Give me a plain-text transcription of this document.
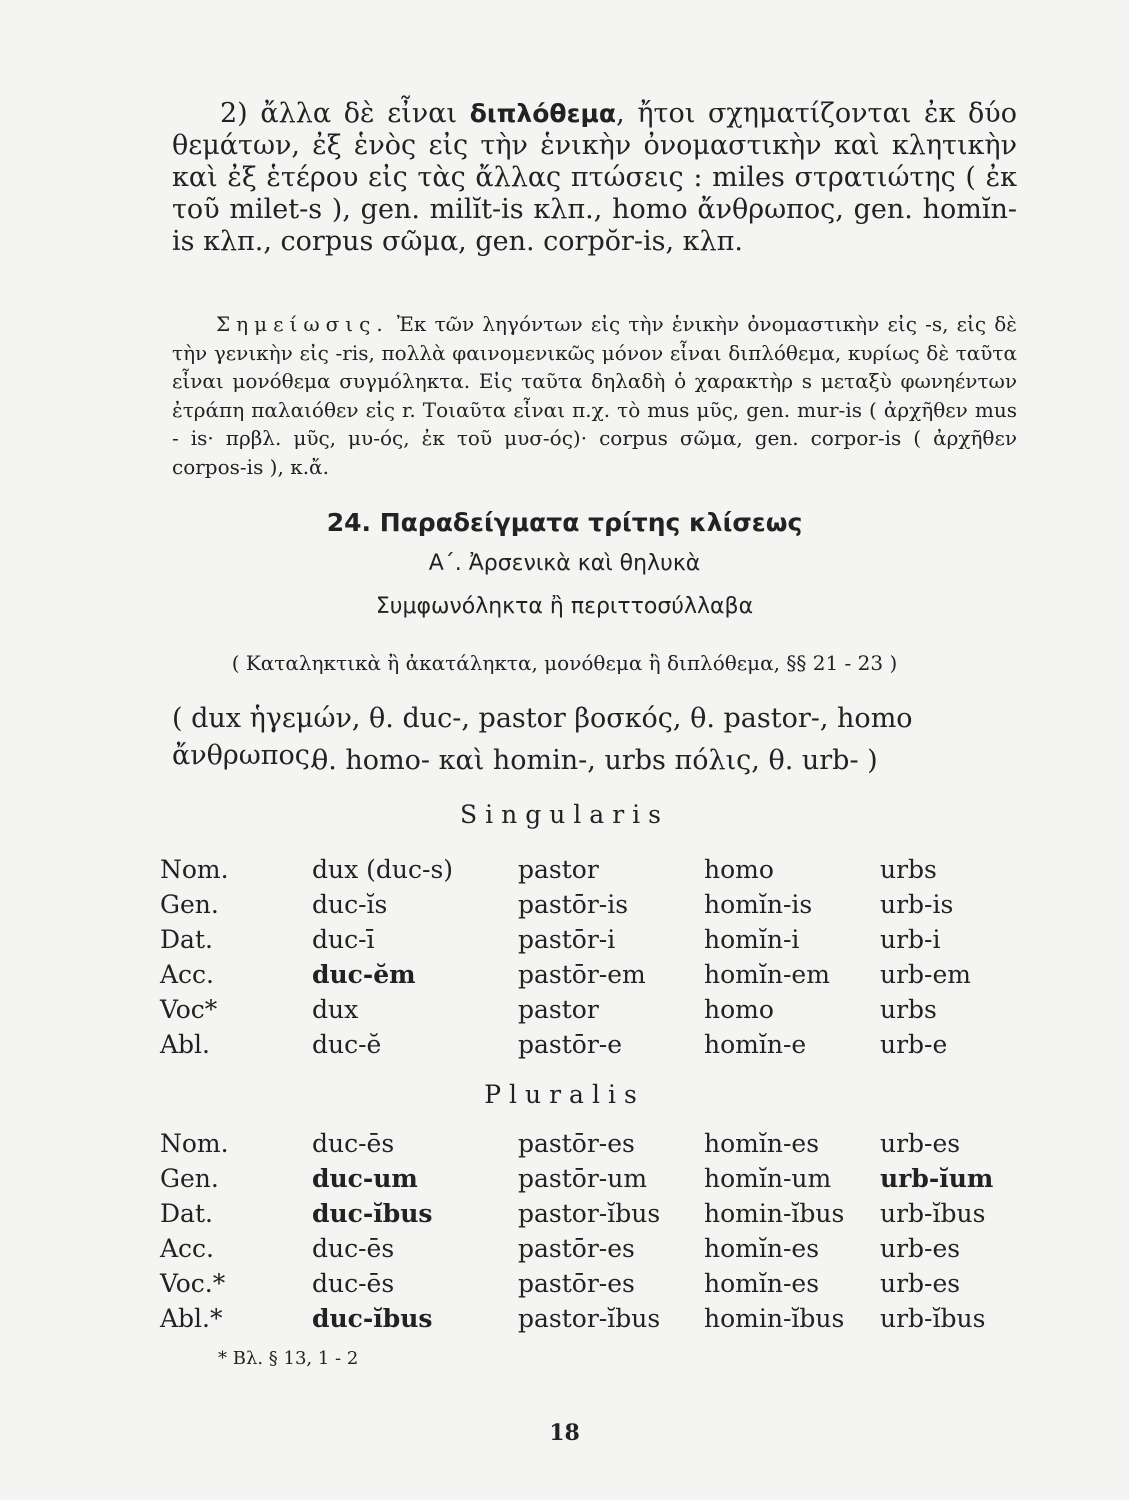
2) ἄλλα δὲ εἶναι διπλόθεμα, ἤτοι σχηματίζονται ἐκ δύο θεμάτων, ἐξ ἑνὸς εἰς τὴν ἑνικὴν ὀνομαστικὴν καὶ κλητικὴν καὶ ἐξ ἑτέρου εἰς τὰς ἄλλας πτώσεις : miles στρατιώτης ( ἐκ τοῦ milet-s ), gen. milĭt-is κλπ., homo ἄνθρωπος, gen. homĭn-is κλπ., corpus σῶμα, gen. corpŏr-is, κλπ.

Σημείωσις. Ἐκ τῶν ληγόντων εἰς τὴν ἑνικὴν ὀνομαστικὴν εἰς -s, εἰς δὲ τὴν γενικὴν εἰς -ris, πολλὰ φαινομενικῶς μόνον εἶναι διπλόθεμα, κυρίως δὲ ταῦτα εἶναι μονόθεμα συγμόληκτα. Εἰς ταῦτα δηλαδὴ ὁ χαρακτὴρ s μεταξὺ φωνηέντων ἐτράπη παλαιόθεν εἰς r. Τοιαῦτα εἶναι π.χ. τὸ mus μῦς, gen. mur-is ( ἀρχῆθεν mus - is· πρβλ. μῦς, μυ-ός, ἐκ τοῦ μυσ-ός)· corpus σῶμα, gen. corpor-is ( ἀρχῆθεν corpos-is ), κ.ἄ.

24. Παραδείγματα τρίτης κλίσεως

Α΄. Ἀρσενικὰ καὶ θηλυκὰ

Συμφωνόληκτα ἢ περιττοσύλλαβα

( Καταληκτικὰ ἢ ἀκατάληκτα, μονόθεμα ἢ διπλόθεμα, §§ 21 - 23 )

( dux ἡγεμών, θ. duc-, pastor βοσκός, θ. pastor-, homo ἄνθρωπος,

θ. homo- καὶ homin-, urbs πόλις, θ. urb- )

Singularis

Nom.	dux (duc-s)	pastor	homo	urbs
Gen.	duc-ĭs	pastōr-is	homĭn-is	urb-is
Dat.	duc-ī	pastōr-i	homĭn-i	urb-i
Acc.	duc-ĕm	pastōr-em	homĭn-em	urb-em
Voc*	dux	pastor	homo	urbs
Abl.	duc-ĕ	pastōr-e	homĭn-e	urb-e

Pluralis

Nom.	duc-ēs	pastōr-es	homĭn-es	urb-es
Gen.	duc-um	pastōr-um	homĭn-um	urb-ĭum
Dat.	duc-ĭbus	pastor-ĭbus	homin-ĭbus	urb-ĭbus
Acc.	duc-ēs	pastōr-es	homĭn-es	urb-es
Voc.*	duc-ēs	pastōr-es	homĭn-es	urb-es
Abl.*	duc-ĭbus	pastor-ĭbus	homin-ĭbus	urb-ĭbus

* Βλ. § 13, 1 - 2

18
